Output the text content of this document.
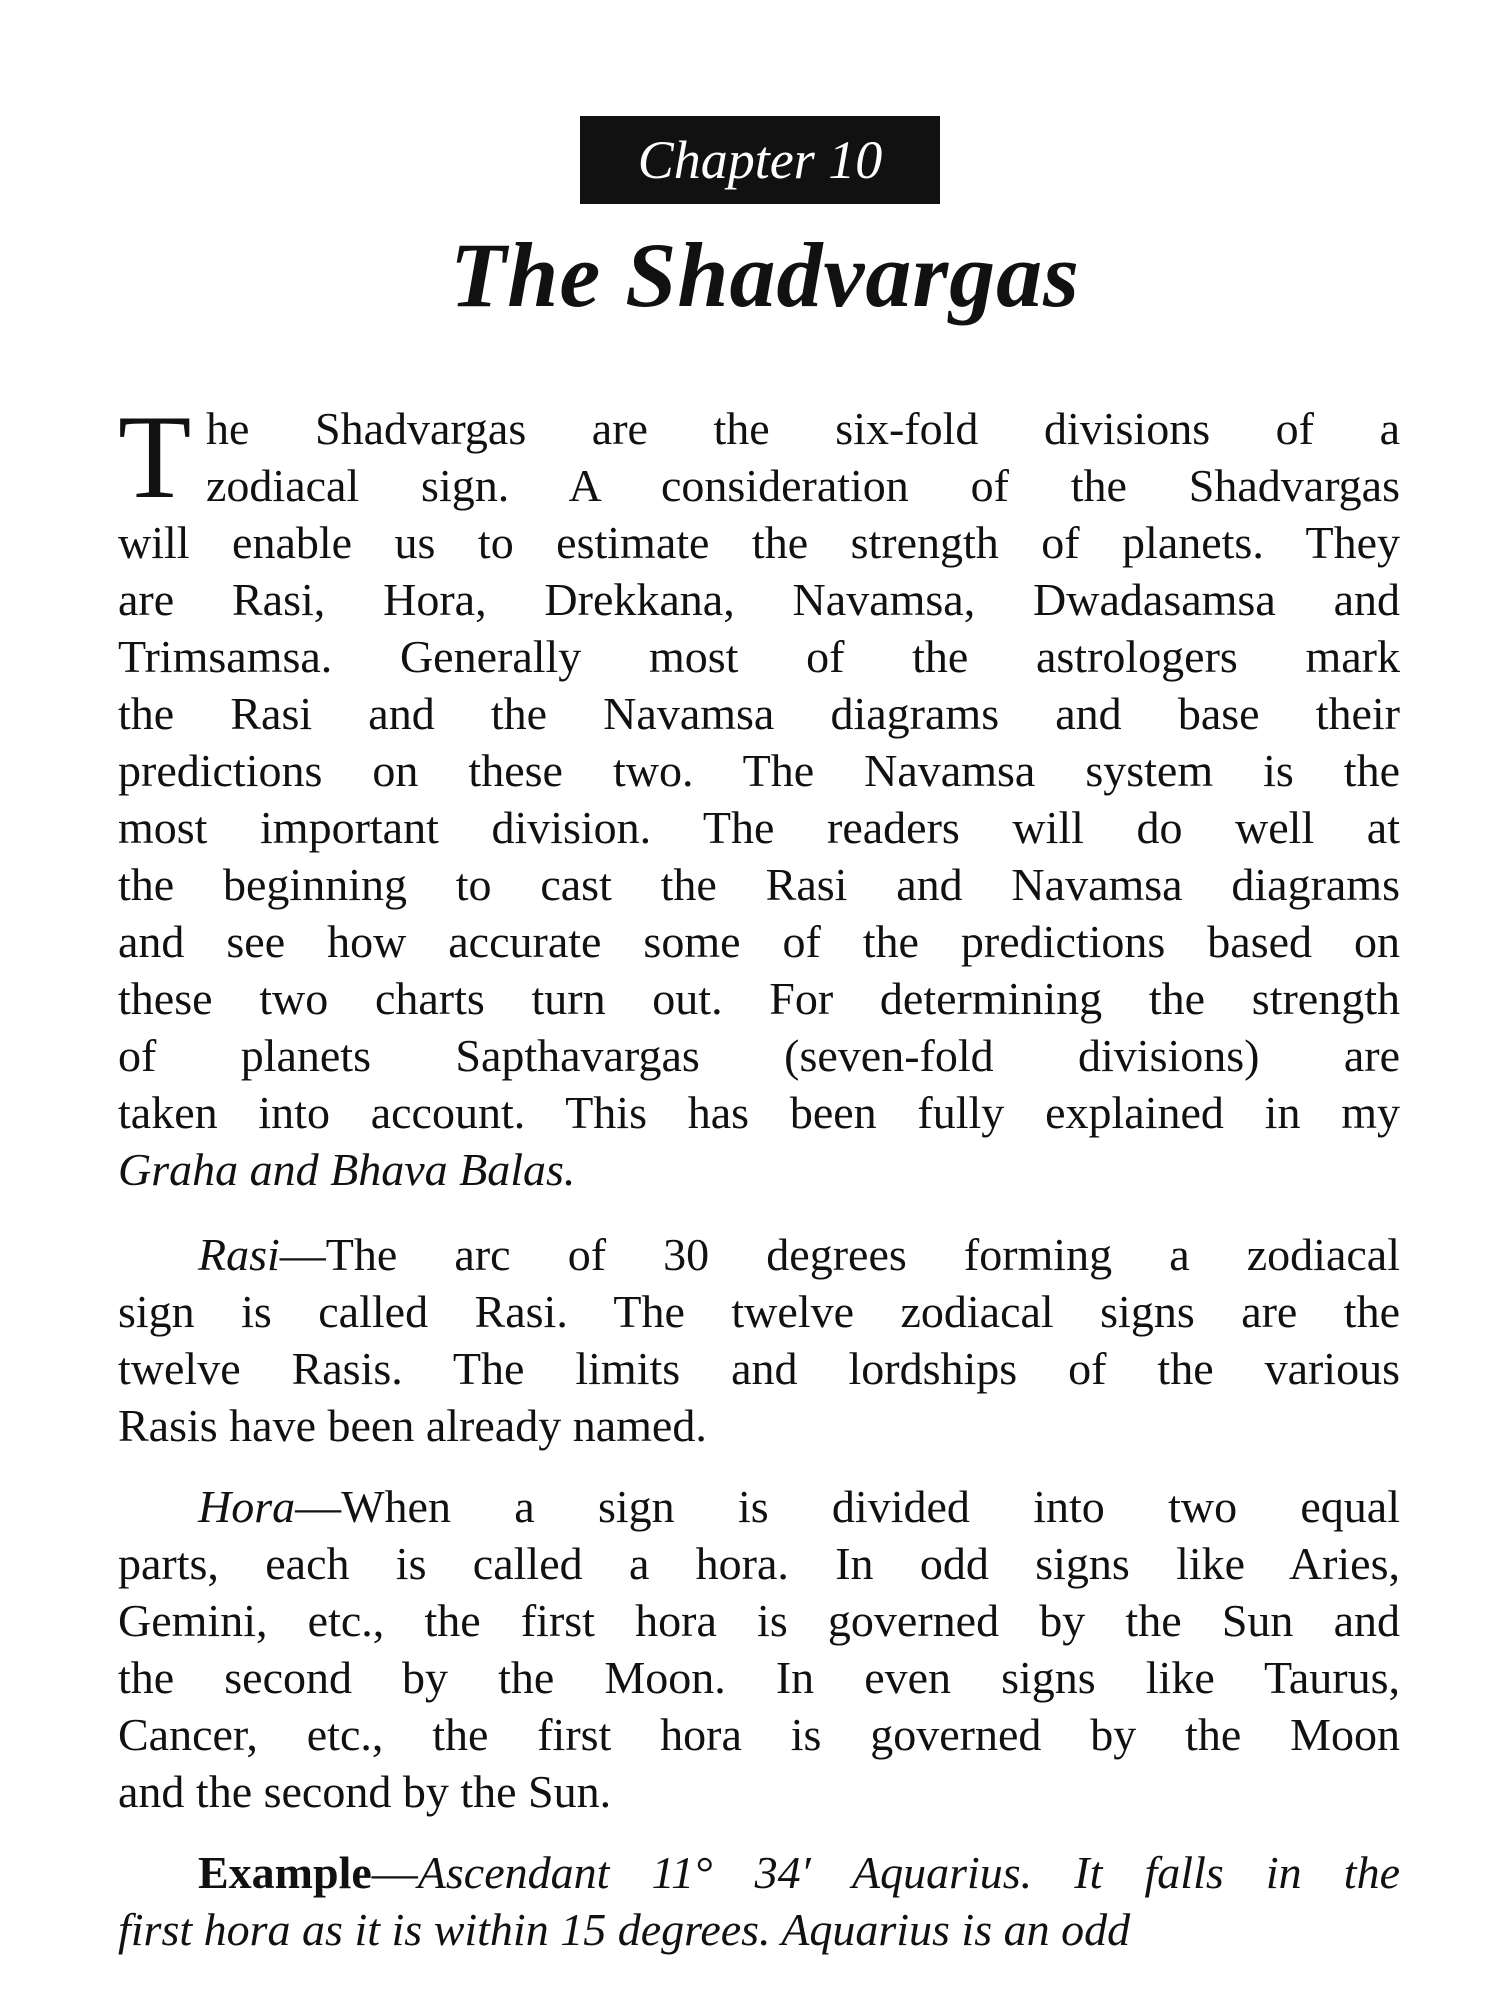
Chapter 10
The Shadvargas
T he Shadvargas are the six-fold divisions of a
zodiacal sign. A consideration of the Shadvargas
will enable us to estimate the strength of planets. They
are Rasi, Hora, Drekkana, Navamsa, Dwadasamsa and
Trimsamsa. Generally most of the astrologers mark
the Rasi and the Navamsa diagrams and base their
predictions on these two. The Navamsa system is the
most important division. The readers will do well at
the beginning to cast the Rasi and Navamsa diagrams
and see how accurate some of the predictions based on
these two charts turn out. For determining the strength
of planets Sapthavargas (seven-fold divisions) are
taken into account. This has been fully explained in my
Graha and Bhava Balas.
Rasi—The arc of 30 degrees forming a zodiacal
sign is called Rasi. The twelve zodiacal signs are the
twelve Rasis. The limits and lordships of the various
Rasis have been already named.
Hora—When a sign is divided into two equal
parts, each is called a hora. In odd signs like Aries,
Gemini, etc., the first hora is governed by the Sun and
the second by the Moon. In even signs like Taurus,
Cancer, etc., the first hora is governed by the Moon
and the second by the Sun.
Example—Ascendant 11° 34′ Aquarius. It falls in the
first hora as it is within 15 degrees. Aquarius is an odd
